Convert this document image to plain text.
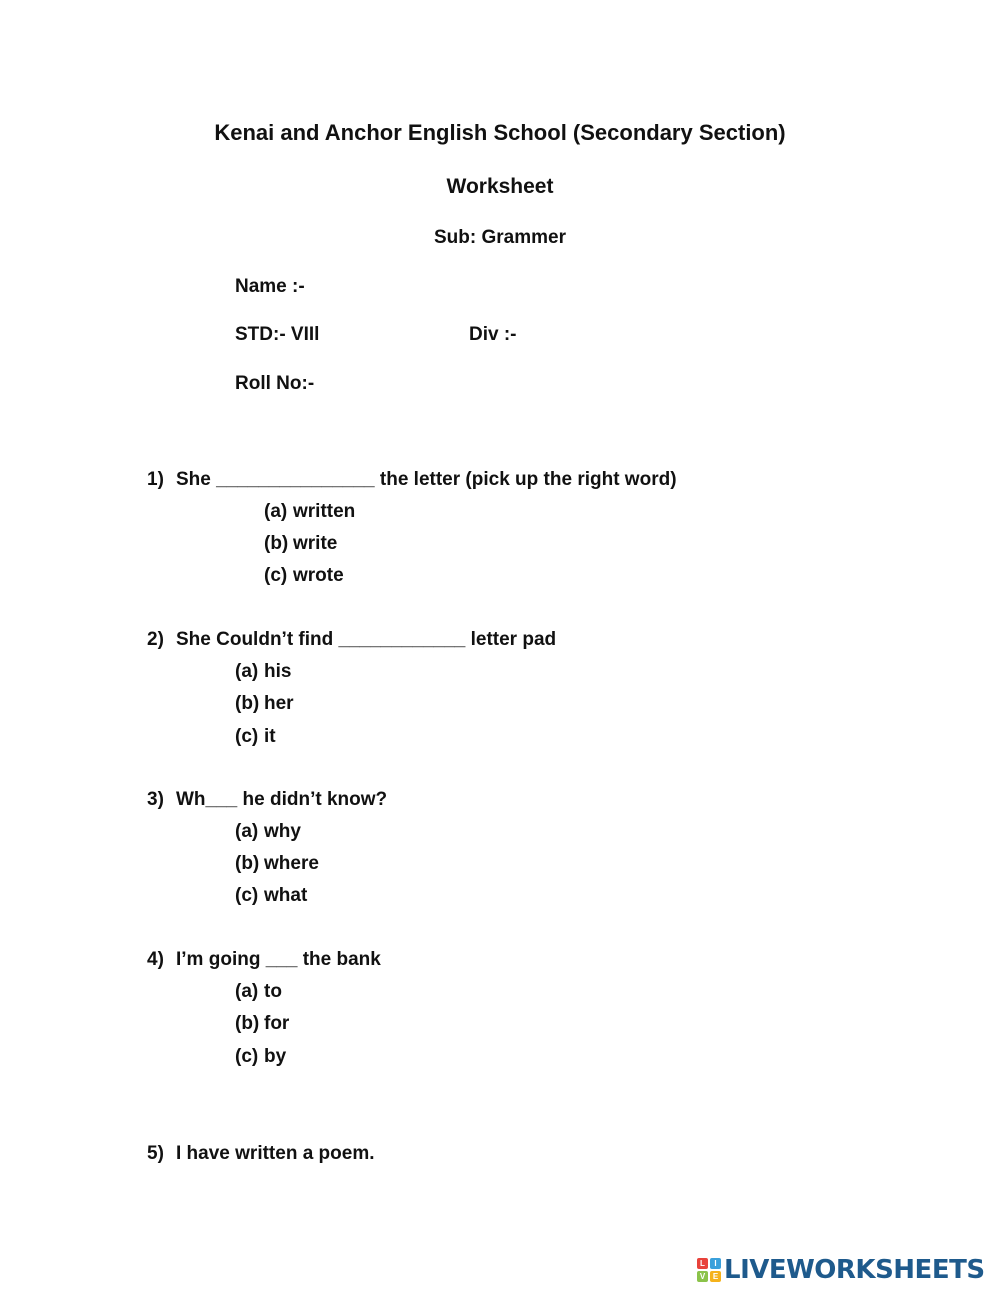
Kenai and Anchor English School (Secondary Section)
Worksheet
Sub: Grammer
Name :-
STD:- VIIl	Div :-
Roll No:-
1) She _______________ the letter (pick up the right word)
(a) written
(b) write
(c) wrote
2) She Couldn’t find ____________ letter pad
(a) his
(b) her
(c) it
3) Wh___ he didn’t know?
(a) why
(b) where
(c) what
4) I’m going ___ the bank
(a) to
(b) for
(c) by
5) I have written a poem.
L	I
V E LIVEWORKSHEETS
